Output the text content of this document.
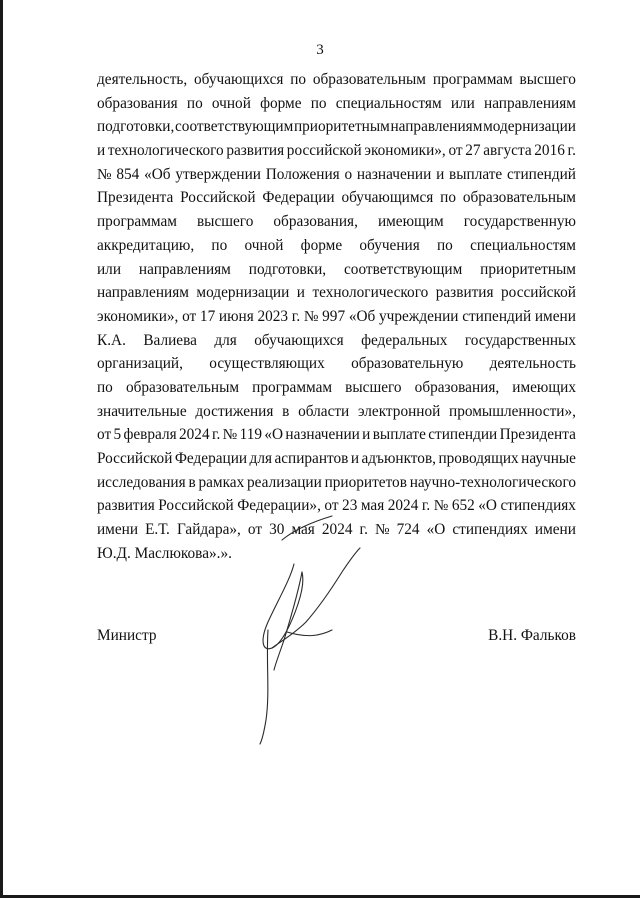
3
деятельность, обучающихся по образовательным программам высшего
образования по очной форме по специальностям или направлениям
подготовки, соответствующим приоритетным направлениям модернизации
и технологического развития российской экономики», от 27 августа 2016 г.
№ 854 «Об утверждении Положения о назначении и выплате стипендий
Президента Российской Федерации обучающимся по образовательным
программам высшего образования, имеющим государственную
аккредитацию, по очной форме обучения по специальностям
или направлениям подготовки, соответствующим приоритетным
направлениям модернизации и технологического развития российской
экономики», от 17 июня 2023 г. № 997 «Об учреждении стипендий имени
К.А. Валиева для обучающихся федеральных государственных
организаций, осуществляющих образовательную деятельность
по образовательным программам высшего образования, имеющих
значительные достижения в области электронной промышленности»,
от 5 февраля 2024 г. № 119 «О назначении и выплате стипендии Президента
Российской Федерации для аспирантов и адъюнктов, проводящих научные
исследования в рамках реализации приоритетов научно-технологического
развития Российской Федерации», от 23 мая 2024 г. № 652 «О стипендиях
имени Е.Т. Гайдара», от 30 мая 2024 г. № 724 «О стипендиях имени
Ю.Д. Маслюкова».».
Министр	В.Н. Фальков
